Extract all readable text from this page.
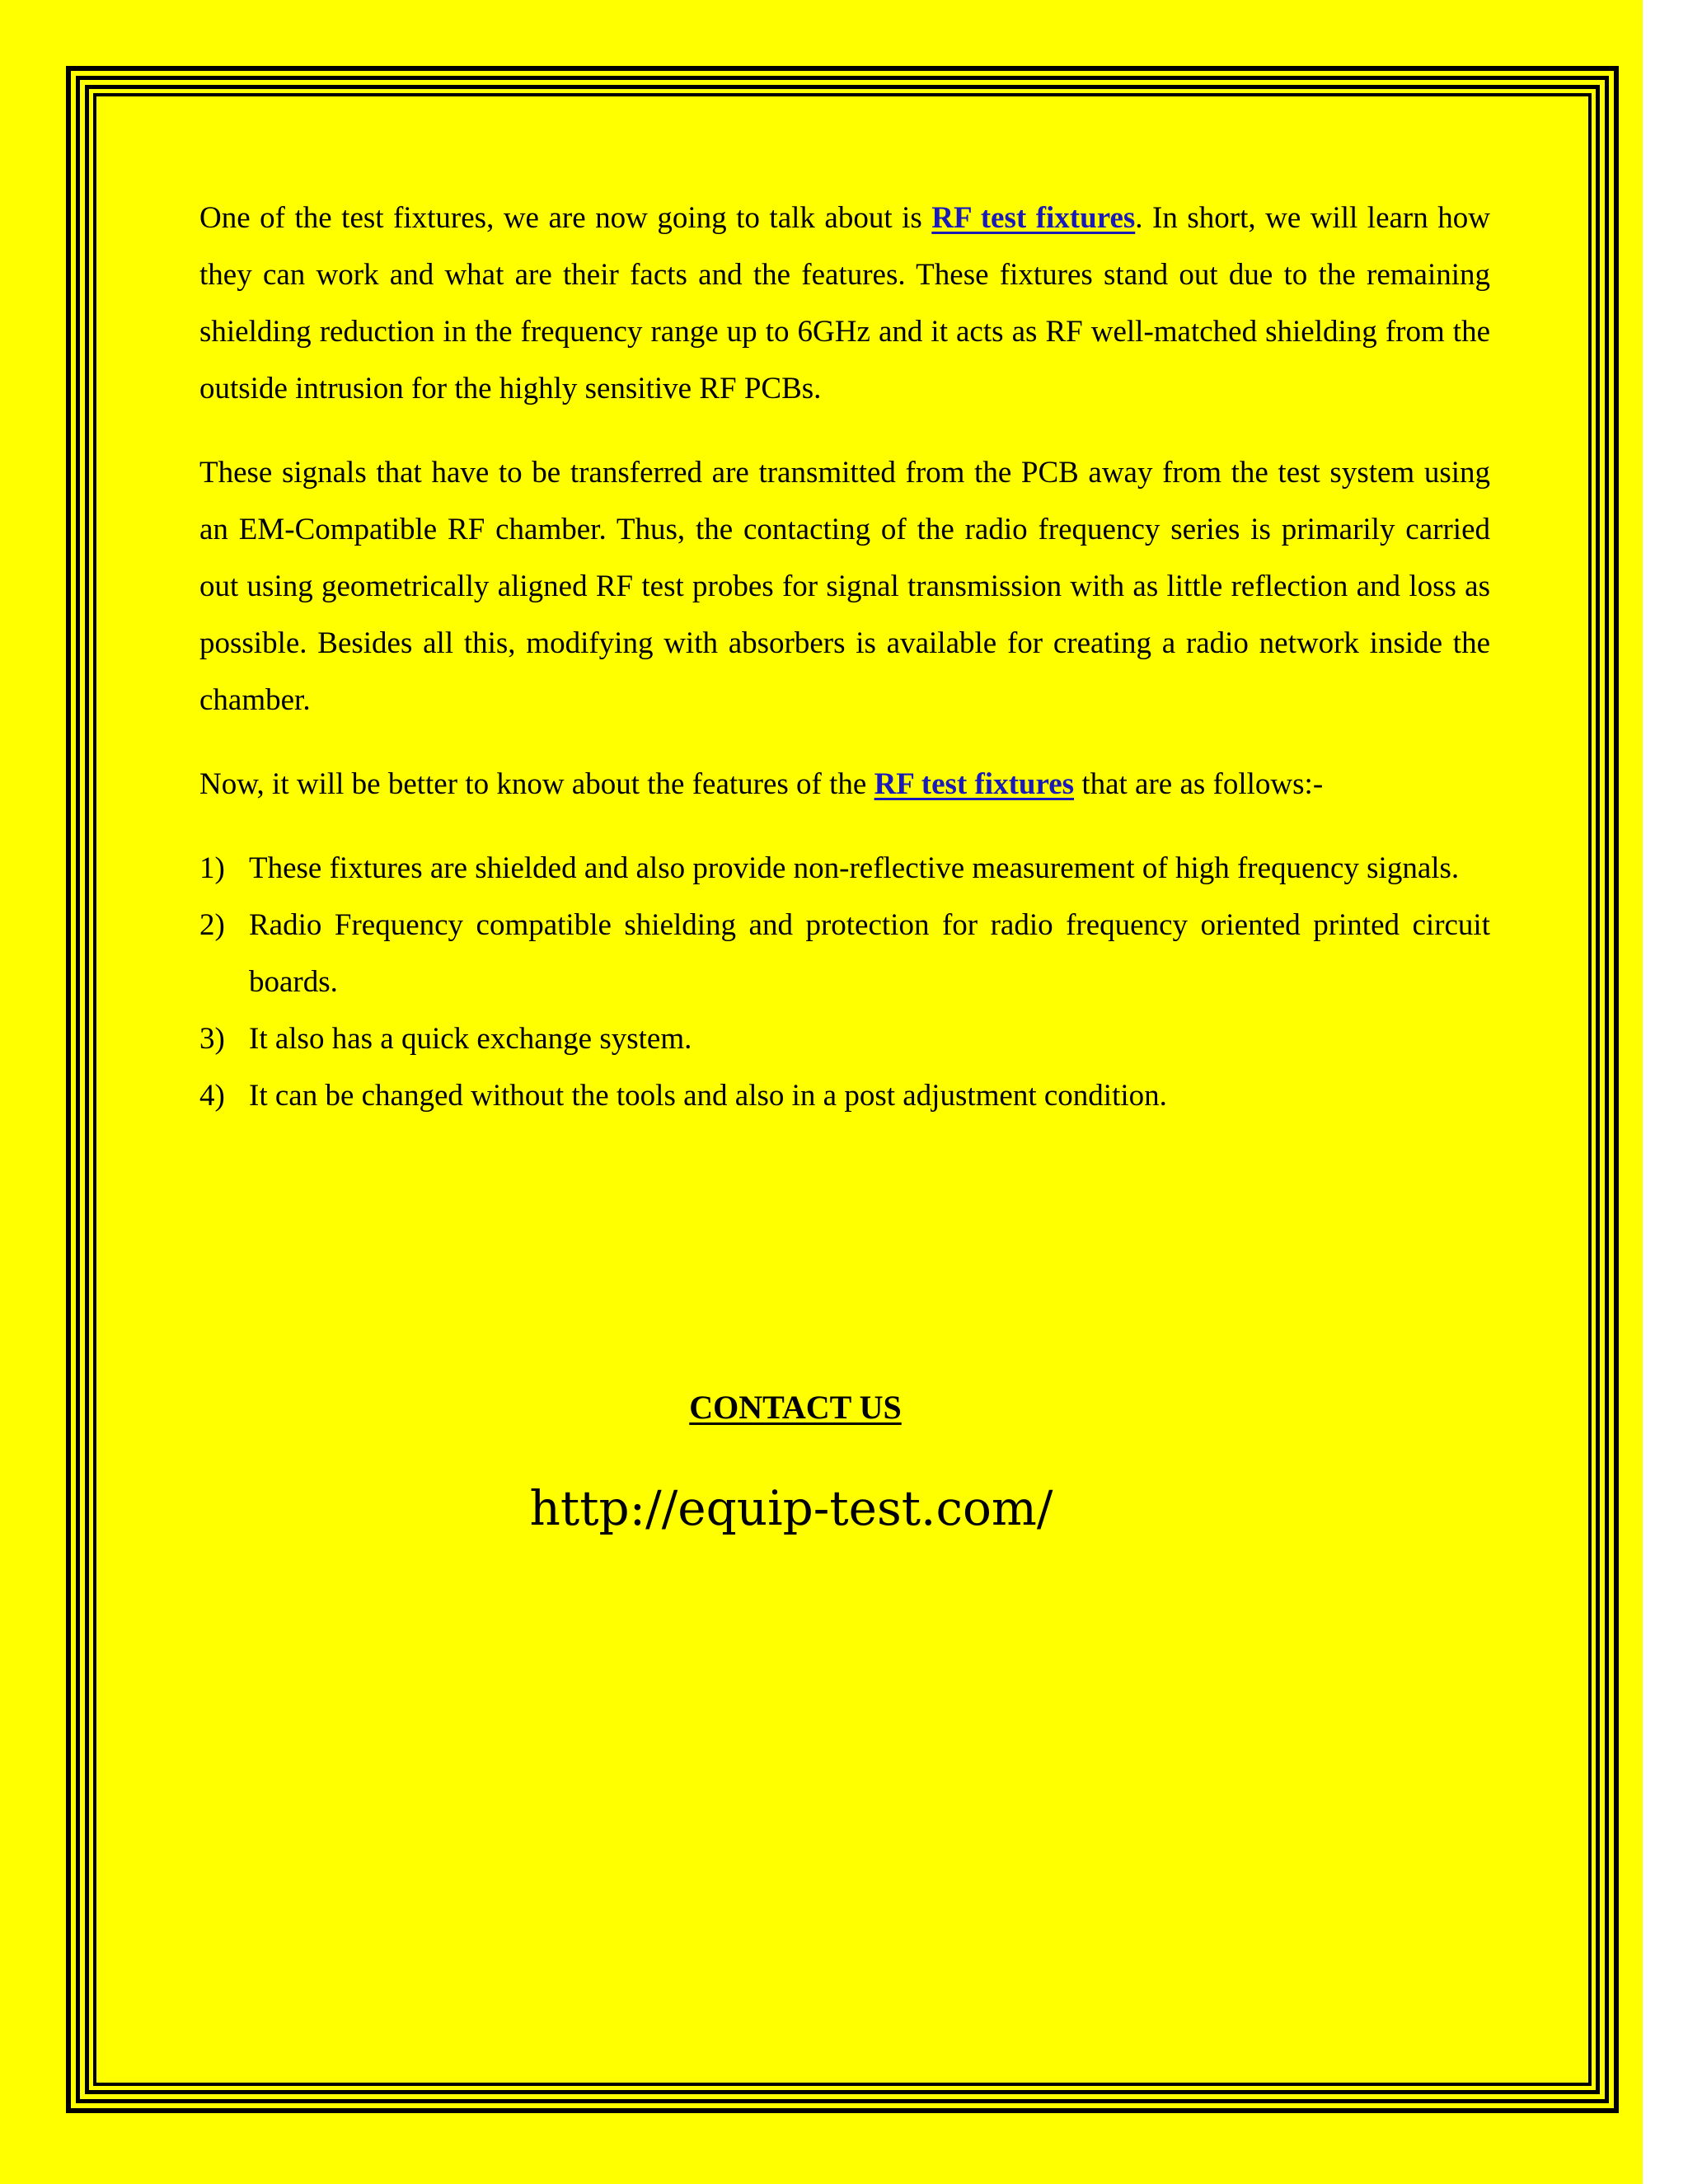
One of the test fixtures, we are now going to talk about is RF test fixtures. In short, we will learn how they can work and what are their facts and the features. These fixtures stand out due to the remaining shielding reduction in the frequency range up to 6GHz and it acts as RF well-matched shielding from the outside intrusion for the highly sensitive RF PCBs.

These signals that have to be transferred are transmitted from the PCB away from the test system using an EM-Compatible RF chamber. Thus, the contacting of the radio frequency series is primarily carried out using geometrically aligned RF test probes for signal transmission with as little reflection and loss as possible. Besides all this, modifying with absorbers is available for creating a radio network inside the chamber.

Now, it will be better to know about the features of the RF test fixtures that are as follows:-

1) These fixtures are shielded and also provide non-reflective measurement of high frequency signals.
2) Radio Frequency compatible shielding and protection for radio frequency oriented printed circuit boards.
3) It also has a quick exchange system.
4) It can be changed without the tools and also in a post adjustment condition.
CONTACT US
http://equip-test.com/
